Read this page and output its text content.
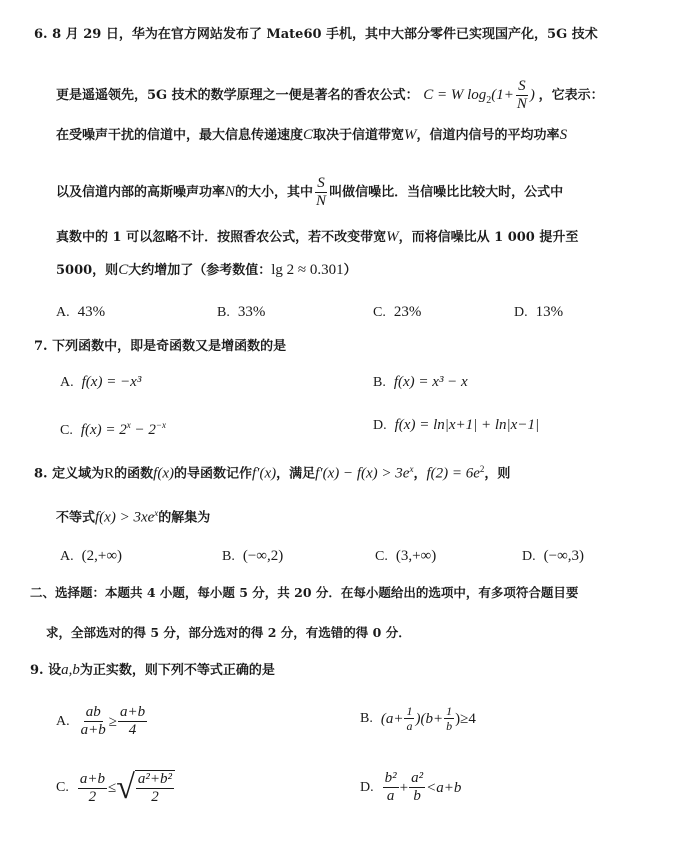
6. 8 月 29 日，华为在官方网站发布了 Mate60 手机，其中大部分零件已实现国产化，5G 技术
更是遥遥领先，5G 技术的数学原理之一便是著名的香农公式： C = W $\log_2(1+ \frac{S}{N}$ ) ，它表示：
在受噪声干扰的信道中，最大信息传递速度C取决于信道带宽W，信道内信号的平均功率S
以及信道内部的高斯噪声功率N的大小，其中 $\frac{S}{N}$ 叫做信噪比．当信噪比比较大时，公式中
真数中的 1 可以忽略不计．按照香农公式，若不改变带宽W，而将信噪比从 1 000 提升至
5000，则C大约增加了（参考数值：lg 2 ≈ 0.301）
A. 43%	B. 33%	C. 23%	D. 13%
7. 下列函数中，即是奇函数又是增函数的是
A. f(x) = −x³	B. f(x) = x³ − x
C. $f(x) = 2^x - 2^{-x}$	D. f(x) = ln|x+1| + ln|x−1|
8. 定义域为R的函数f(x)的导函数记作f′(x)，满足$f'(x) - f(x) > 3e^x$，$f(2) = 6e^2$，则
不等式$f(x) > 3xe^x$的解集为
A. (2,+∞)	B. (−∞,2)	C. (3,+∞)	D. (−∞,3)
二、选择题：本题共 4 小题，每小题 5 分，共 20 分．在每小题给出的选项中，有多项符合题目要
求，全部选对的得 5 分，部分选对的得 2 分，有选错的得 0 分．
9. 设a,b为正实数，则下列不等式正确的是
A. $\frac{ab}{a+b} \ge \frac{a+b}{4}$	B. $(a+ \frac{1}{a} )(b+ \frac{1}{b} )\ge 4$
C. $\frac{a+b}{2}$ ≤ √ $\frac{\text{a²+b²}}{2}$	D. $\frac{\text{b²}}{a} + \frac{\text{a²}}{b} <a+b$
